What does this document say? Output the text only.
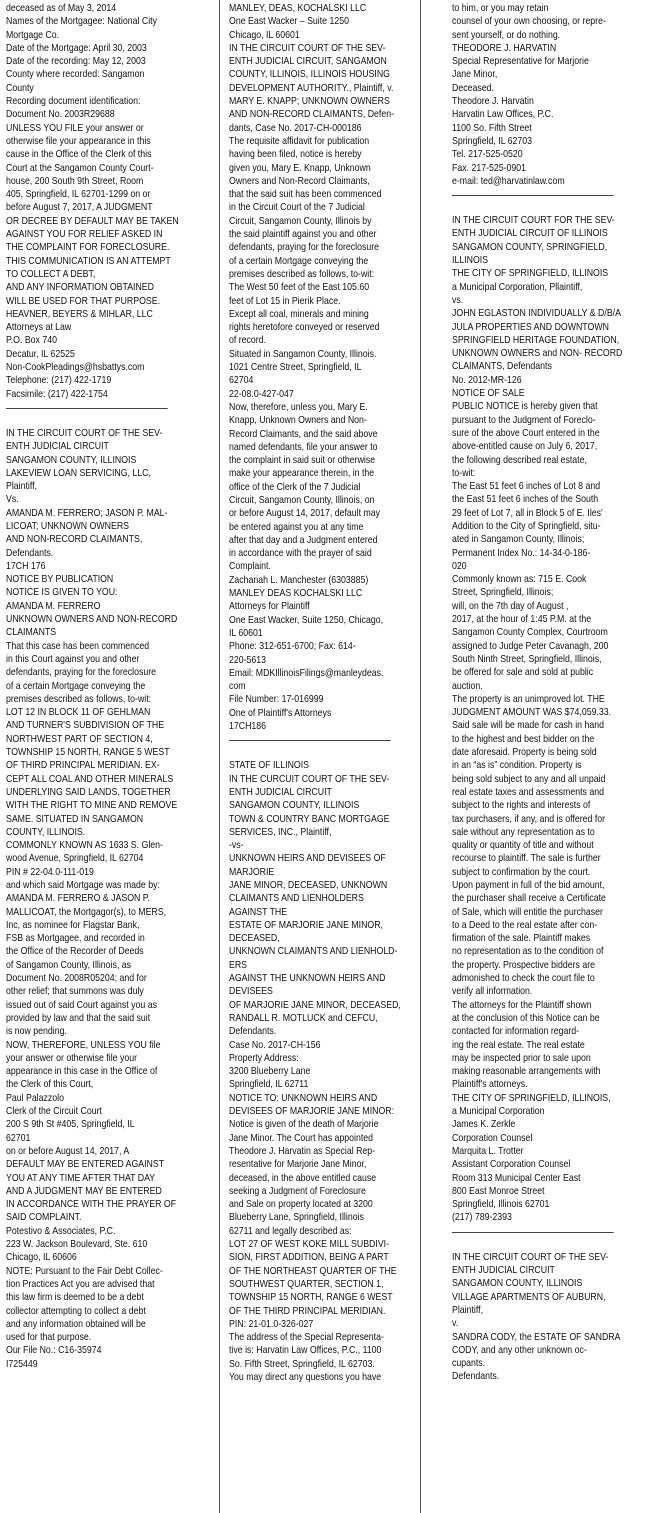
deceased as of May 3, 2014
Names of the Mortgagee: National City
Mortgage Co.
Date of the Mortgage: April 30, 2003
Date of the recording: May 12, 2003
County where recorded: Sangamon
County
Recording document identification:
Document No. 2003R29688
UNLESS YOU FILE your answer or
otherwise file your appearance in this
cause in the Office of the Clerk of this
Court at the Sangamon County Court-
house, 200 South 9th Street, Room
405, Springfield, IL 62701-1299 on or
before August 7, 2017, A JUDGMENT
OR DECREE BY DEFAULT MAY BE TAKEN
AGAINST YOU FOR RELIEF ASKED IN
THE COMPLAINT FOR FORECLOSURE.
THIS COMMUNICATION IS AN ATTEMPT
TO COLLECT A DEBT,
AND ANY INFORMATION OBTAINED
WILL BE USED FOR THAT PURPOSE.
HEAVNER, BEYERS & MIHLAR, LLC
Attorneys at Law
P.O. Box 740
Decatur, IL 62525
Non-CookPleadings@hsbattys.com
Telephone: (217) 422-1719
Facsimile: (217) 422-1754

IN THE CIRCUIT COURT OF THE SEV-
ENTH JUDICIAL CIRCUIT
SANGAMON COUNTY, ILLINOIS
LAKEVIEW LOAN SERVICING, LLC,
Plaintiff,
Vs.
AMANDA M. FERRERO; JASON P. MAL-
LICOAT; UNKNOWN OWNERS
AND NON-RECORD CLAIMANTS,
Defendants.
17CH 176
NOTICE BY PUBLICATION
NOTICE IS GIVEN TO YOU:
AMANDA M. FERRERO
UNKNOWN OWNERS AND NON-RECORD
CLAIMANTS
That this case has been commenced
in this Court against you and other
defendants, praying for the foreclosure
of a certain Mortgage conveying the
premises described as follows, to-wit:
LOT 12 IN BLOCK 11 OF GEHLMAN
AND TURNER'S SUBDIVISION OF THE
NORTHWEST PART OF SECTION 4,
TOWNSHIP 15 NORTH, RANGE 5 WEST
OF THIRD PRINCIPAL MERIDIAN. EX-
CEPT ALL COAL AND OTHER MINERALS
UNDERLYING SAID LANDS, TOGETHER
WITH THE RIGHT TO MINE AND REMOVE
SAME. SITUATED IN SANGAMON
COUNTY, ILLINOIS.
COMMONLY KNOWN AS 1633 S. Glen-
wood Avenue, Springfield, IL 62704
PIN # 22-04.0-111-019
and which said Mortgage was made by:
AMANDA M. FERRERO & JASON P.
MALLICOAT, the Mortgagor(s), to MERS,
Inc, as nominee for Flagstar Bank,
FSB as Mortgagee, and recorded in
the Office of the Recorder of Deeds
of Sangamon County, Illinois, as
Document No. 2008R05204; and for
other relief; that summons was duly
issued out of said Court against you as
provided by law and that the said suit
is now pending.
NOW, THEREFORE, UNLESS YOU file
your answer or otherwise file your
appearance in this case in the Office of
the Clerk of this Court,
Paul Palazzolo
Clerk of the Circuit Court
200 S 9th St #405, Springfield, IL
62701
on or before August 14, 2017, A
DEFAULT MAY BE ENTERED AGAINST
YOU AT ANY TIME AFTER THAT DAY
AND A JUDGMENT MAY BE ENTERED
IN ACCORDANCE WITH THE PRAYER OF
SAID COMPLAINT.
Potestivo & Associates, P.C.
223 W. Jackson Boulevard, Ste. 610
Chicago, IL 60606
NOTE: Pursuant to the Fair Debt Collec-
tion Practices Act you are advised that
this law firm is deemed to be a debt
collector attempting to collect a debt
and any information obtained will be
used for that purpose.
Our File No.: C16-35974
I725449

MANLEY, DEAS, KOCHALSKI LLC
One East Wacker – Suite 1250
Chicago, IL 60601
IN THE CIRCUIT COURT OF THE SEV-
ENTH JUDICIAL CIRCUIT, SANGAMON
COUNTY, ILLINOIS, ILLINOIS HOUSING
DEVELOPMENT AUTHORITY., Plaintiff, v.
MARY E. KNAPP; UNKNOWN OWNERS
AND NON-RECORD CLAIMANTS, Defen-
dants, Case No. 2017-CH-000186
The requisite affidavit for publication
having been filed, notice is hereby
given you, Mary E. Knapp, Unknown
Owners and Non-Record Claimants,
that the said suit has been commenced
in the Circuit Court of the 7 Judicial
Circuit, Sangamon County, Illinois by
the said plaintiff against you and other
defendants, praying for the foreclosure
of a certain Mortgage conveying the
premises described as follows, to-wit:
The West 50 feet of the East 105.60
feet of Lot 15 in Pierik Place.
Except all coal, minerals and mining
rights heretofore conveyed or reserved
of record.
Situated in Sangamon County, Illinois.
1021 Centre Street, Springfield, IL
62704
22-08.0-427-047
Now, therefore, unless you, Mary E.
Knapp, Unknown Owners and Non-
Record Claimants, and the said above
named defendants, file your answer to
the complaint in said suit or otherwise
make your appearance therein, in the
office of the Clerk of the 7 Judicial
Circuit, Sangamon County, Illinois, on
or before August 14, 2017, default may
be entered against you at any time
after that day and a Judgment entered
in accordance with the prayer of said
Complaint.
Zachariah L. Manchester (6303885)
MANLEY DEAS KOCHALSKI LLC
Attorneys for Plaintiff
One East Wacker, Suite 1250, Chicago,
IL 60601
Phone: 312-651-6700; Fax: 614-
220-5613
Email: MDKIllinoisFilings@manleydeas.
com
File Number: 17-016999
One of Plaintiff's Attorneys
17CH186

STATE OF ILLINOIS
IN THE CURCUIT COURT OF THE SEV-
ENTH JUDICIAL CIRCUIT
SANGAMON COUNTY, ILLINOIS
TOWN & COUNTRY BANC MORTGAGE
SERVICES, INC., Plaintiff,
-vs-
UNKNOWN HEIRS AND DEVISEES OF
MARJORIE
JANE MINOR, DECEASED, UNKNOWN
CLAIMANTS AND LIENHOLDERS
AGAINST THE
ESTATE OF MARJORIE JANE MINOR,
DECEASED,
UNKNOWN CLAIMANTS AND LIENHOLD-
ERS
AGAINST THE UNKNOWN HEIRS AND
DEVISEES
OF MARJORIE JANE MINOR, DECEASED,
RANDALL R. MOTLUCK and CEFCU,
Defendants.
Case No. 2017-CH-156
Property Address:
3200 Blueberry Lane
Springfield, IL 62711
NOTICE TO: UNKNOWN HEIRS AND
DEVISEES OF MARJORIE JANE MINOR:
Notice is given of the death of Marjorie
Jane Minor. The Court has appointed
Theodore J. Harvatin as Special Rep-
resentative for Marjorie Jane Minor,
deceased, in the above entitled cause
seeking a Judgment of Foreclosure
and Sale on property located at 3200
Blueberry Lane, Springfield, Illinois
62711 and legally described as:
LOT 27 OF WEST KOKE MILL SUBDIVI-
SION, FIRST ADDITION, BEING A PART
OF THE NORTHEAST QUARTER OF THE
SOUTHWEST QUARTER, SECTION 1,
TOWNSHIP 15 NORTH, RANGE 6 WEST
OF THE THIRD PRINCIPAL MERIDIAN.
PIN: 21-01.0-326-027
The address of the Special Representa-
tive is: Harvatin Law Offices, P.C., 1100
So. Fifth Street, Springfield, IL 62703.
You may direct any questions you have

to him, or you may retain
counsel of your own choosing, or repre-
sent yourself, or do nothing.
THEODORE J. HARVATIN
Special Representative for Marjorie
Jane Minor,
Deceased.
Theodore J. Harvatin
Harvatin Law Offices, P.C.
1100 So. Fifth Street
Springfield, IL 62703
Tel. 217-525-0520
Fax. 217-525-0901
e-mail: ted@harvatinlaw.com

IN THE CIRCUIT COURT FOR THE SEV-
ENTH JUDICIAL CIRCUIT OF ILLINOIS
SANGAMON COUNTY, SPRINGFIELD,
ILLINOIS
THE CITY OF SPRINGFIELD, ILLINOIS
a Municipal Corporation, Pllaintiff,
vs.
JOHN EGLASTON INDIVIDUALLY & D/B/A
JULA PROPERTIES AND DOWNTOWN
SPRINGFIELD HERITAGE FOUNDATION,
UNKNOWN OWNERS and NON- RECORD
CLAIMANTS, Defendants
No. 2012-MR-126
NOTICE OF SALE
PUBLIC NOTICE is hereby given that
pursuant to the Judgment of Foreclo-
sure of the above Court entered in the
above-entitled cause on July 6, 2017,
the following described real estate,
to-wit:
The East 51 feet 6 inches of Lot 8 and
the East 51 feet 6 inches of the South
29 feet of Lot 7, all in Block 5 of E. Iles'
Addition to the City of Springfield, situ-
ated in Sangamon County, Illinois;
Permanent Index No.: 14-34-0-186-
020
Commonly known as: 715 E. Cook
Street, Springfield, Illinois;
will, on the 7th day of August ,
2017, at the hour of 1:45 P.M. at the
Sangamon County Complex, Courtroom
assigned to Judge Peter Cavanagh, 200
South Ninth Street, Springfield, Illinois,
be offered for sale and sold at public
auction.
The property is an unimproved lot. THE
JUDGMENT AMOUNT WAS $74,059.33.
Said sale will be made for cash in hand
to the highest and best bidder on the
date aforesaid. Property is being sold
in an “as is” condition. Property is
being sold subject to any and all unpaid
real estate taxes and assessments and
subject to the rights and interests of
tax purchasers, if any, and is offered for
sale without any representation as to
quality or quantity of title and without
recourse to plaintiff. The sale is further
subject to confirmation by the court.
Upon payment in full of the bid amount,
the purchaser shall receive a Certificate
of Sale, which will entitle the purchaser
to a Deed to the real estate after con-
firmation of the sale. Plaintiff makes
no representation as to the condition of
the property. Prospective bidders are
admonished to check the court file to
verify all information.
The attorneys for the Plaintiff shown
at the conclusion of this Notice can be
contacted for information regard-
ing the real estate. The real estate
may be inspected prior to sale upon
making reasonable arrangements with
Plaintiff's attorneys.
THE CITY OF SPRINGFIELD, ILLINOIS,
a Municipal Corporation
James K. Zerkle
Corporation Counsel
Marquita L. Trotter
Assistant Corporation Counsel
Room 313 Municipal Center East
800 East Monroe Street
Springfield, Illinois 62701
(217) 789-2393

IN THE CIRCUIT COURT OF THE SEV-
ENTH JUDICIAL CIRCUIT
SANGAMON COUNTY, ILLINOIS
VILLAGE APARTMENTS OF AUBURN,
Plaintiff,
v.
SANDRA CODY, the ESTATE OF SANDRA
CODY, and any other unknown oc-
cupants.
Defendants.
